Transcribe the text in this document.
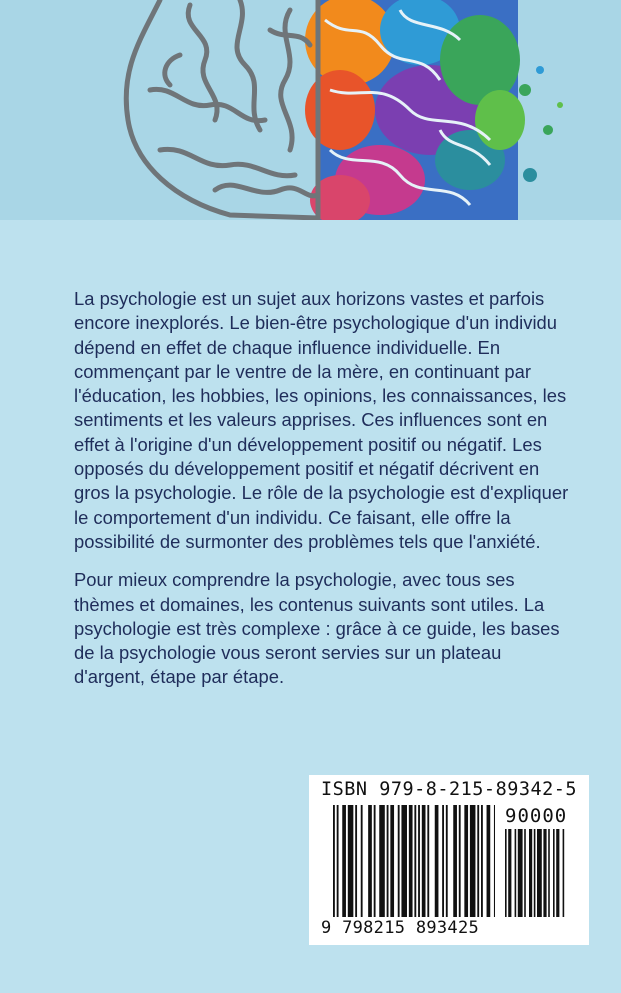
La psychologie est un sujet aux horizons vastes et parfois encore inexplorés. Le bien-être psychologique d'un individu dépend en effet de chaque influence individuelle. En commençant par le ventre de la mère, en continuant par l'éducation, les hobbies, les opinions, les connaissances, les sentiments et les valeurs apprises. Ces influences sont en effet à l'origine d'un développement positif ou négatif. Les opposés du développement positif et négatif décrivent en gros la psychologie. Le rôle de la psychologie est d'expliquer le comportement d'un individu. Ce faisant, elle offre la possibilité de surmonter des problèmes tels que l'anxiété.

Pour mieux comprendre la psychologie, avec tous ses thèmes et domaines, les contenus suivants sont utiles. La psychologie est très complexe : grâce à ce guide, les bases de la psychologie vous seront servies sur un plateau d'argent, étape par étape.

ISBN 979-8-215-89342-5
90000
9 798215 893425
